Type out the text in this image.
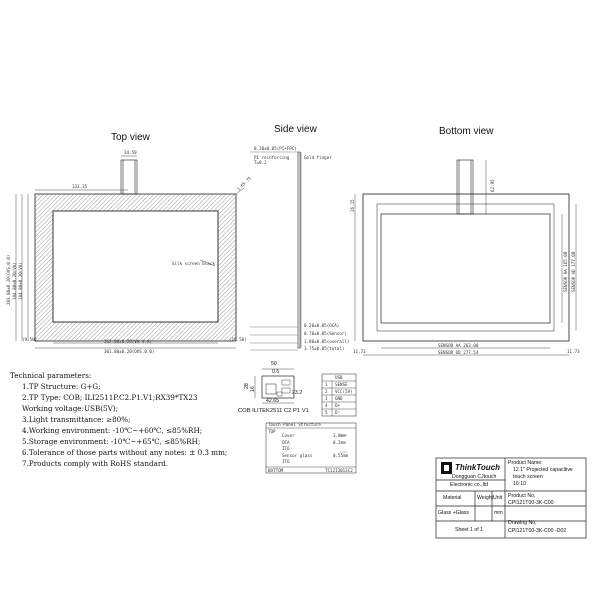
Top view
Side view	Bottom view
34.50
133.35	1.65.75
Silk screen black
203.80±0.20(OVS.0.0) 184.80±0.20(VA) 184.80±0.20(VA)
(9.50)	(19.50)
262.00±0.20(VA V.A)
301.80±0.20(OVS.0.0)
0.30±0.05(PI+FPC)
PI reinforcing
T=0.2
Gold finger
0.20±0.05(OCA)
0.70±0.05(Sensor)
1.80±0.05(overall)
3.75±0.05(total)
62.95
26.15
SENSOR AA 165.00 SENSOR OD 177.00
SENSOR AA 263.00
SENSOR OD 277.54
11.73	11.73
50
0.5
28
16
42.65
23.2
COB ILITEK2511 C2 P1 V1
USB
1 SENSE
2 VCC(5V)
3 GND
4 D+
5 D-
Touch Panel Structure
TOP
Cover	3.0mm
OCA	0.2mm
ITO
Sensor glass	0.55mm
ITO
BOTTOM	TC1213013C2
Technical parameters:
1.TP Structure: G+G;
2.TP Type: COB; ILI2511P.C2.P1.V1;RX39*TX23
Working voltage:USB(5V);
3.Light transmittance: ≥80%;
4.Working environment: -10℃~+60℃, ≤85%RH;
5.Storage environment: -10℃~+65℃, ≤85%RH;
6.Tolerance of those parts without any notes: ± 0.3 mm;
7.Products comply with RoHS standard.	ThinkTouch
Dongguan CJtouch
Electronic co.,ltd
Product Name:
12.1" Projected capacitive
touch screen
16:10
Material	Weight Unit
Glass +Glass	mm
Product No,
CPI121T00-3K-C00
Sheet 1 of 1
Drawing No,
CPI121T00-3K-C00 -D02
